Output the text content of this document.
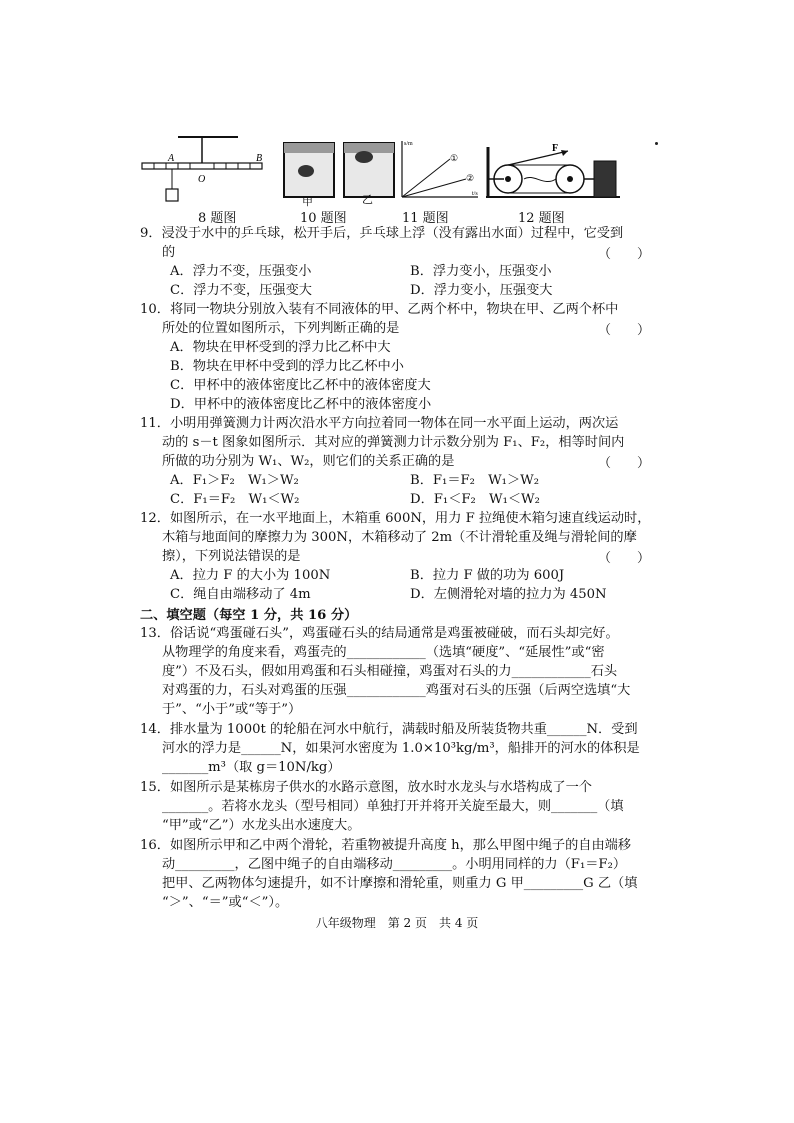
A	B
O
8 题图
甲	乙
10 题图
s/m
t/s
①
②
11 题图
F
12 题图
9．浸没于水中的乒乓球，松开手后，乒乓球上浮（没有露出水面）过程中，它受到
的	（　　）
A．浮力不变，压强变小	B．浮力变小，压强变小
C．浮力不变，压强变大	D．浮力变小，压强变大
10．将同一物块分别放入装有不同液体的甲、乙两个杯中，物块在甲、乙两个杯中
所处的位置如图所示，下列判断正确的是	（　　）
A．物块在甲杯受到的浮力比乙杯中大
B．物块在甲杯中受到的浮力比乙杯中小
C．甲杯中的液体密度比乙杯中的液体密度大
D．甲杯中的液体密度比乙杯中的液体密度小
11．小明用弹簧测力计两次沿水平方向拉着同一物体在同一水平面上运动，两次运
动的 s－t 图象如图所示．其对应的弹簧测力计示数分别为 F₁、F₂，相等时间内
所做的功分别为 W₁、W₂，则它们的关系正确的是	（　　）
A．F₁＞F₂　W₁＞W₂	B．F₁＝F₂　W₁＞W₂
C．F₁＝F₂　W₁＜W₂	D．F₁＜F₂　W₁＜W₂
12．如图所示，在一水平地面上，木箱重 600N，用力 F 拉绳使木箱匀速直线运动时，
木箱与地面间的摩擦力为 300N，木箱移动了 2m（不计滑轮重及绳与滑轮间的摩
擦），下列说法错误的是	（　　）
A．拉力 F 的大小为 100N	B．拉力 F 做的功为 600J
C．绳自由端移动了 4m	D．左侧滑轮对墙的拉力为 450N
二、填空题（每空 1 分，共 16 分）
13．俗话说“鸡蛋碰石头”，鸡蛋碰石头的结局通常是鸡蛋被碰破，而石头却完好。
从物理学的角度来看，鸡蛋壳的____________（选填“硬度”、“延展性”或“密
度”）不及石头，假如用鸡蛋和石头相碰撞，鸡蛋对石头的力____________石头
对鸡蛋的力，石头对鸡蛋的压强____________鸡蛋对石头的压强（后两空选填“大
于”、“小于”或“等于”）
14．排水量为 1000t 的轮船在河水中航行，满载时船及所装货物共重______N．受到
河水的浮力是______N，如果河水密度为 1.0×10³kg/m³，船排开的河水的体积是
_______m³（取 g＝10N/kg）
15．如图所示是某栋房子供水的水路示意图，放水时水龙头与水塔构成了一个
_______。若将水龙头（型号相同）单独打开并将开关旋至最大，则_______（填
“甲”或“乙”）水龙头出水速度大。
16．如图所示甲和乙中两个滑轮，若重物被提升高度 h，那么甲图中绳子的自由端移
动_________，乙图中绳子的自由端移动_________。小明用同样的力（F₁＝F₂）
把甲、乙两物体匀速提升，如不计摩擦和滑轮重，则重力 G 甲_________G 乙（填
“＞”、“＝”或“＜”）。
八年级物理　第 2 页　共 4 页
